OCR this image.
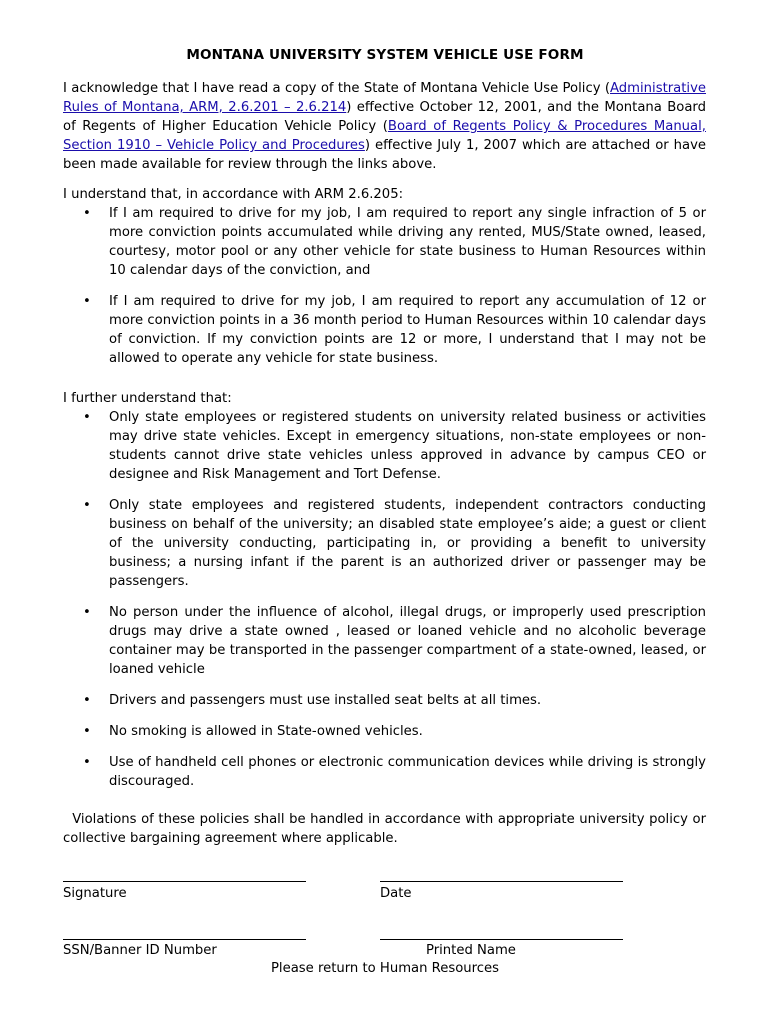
MONTANA UNIVERSITY SYSTEM VEHICLE USE FORM
I acknowledge that I have read a copy of the State of Montana Vehicle Use Policy (Administrative Rules of Montana, ARM, 2.6.201 – 2.6.214) effective October 12, 2001, and the Montana Board of Regents of Higher Education Vehicle Policy (Board of Regents Policy & Procedures Manual, Section 1910 – Vehicle Policy and Procedures) effective July 1, 2007 which are attached or have been made available for review through the links above.
I understand that, in accordance with ARM 2.6.205:
• If I am required to drive for my job, I am required to report any single infraction of 5 or more conviction points accumulated while driving any rented, MUS/State owned, leased, courtesy, motor pool or any other vehicle for state business to Human Resources within 10 calendar days of the conviction, and
• If I am required to drive for my job, I am required to report any accumulation of 12 or more conviction points in a 36 month period to Human Resources within 10 calendar days of conviction. If my conviction points are 12 or more, I understand that I may not be allowed to operate any vehicle for state business.
I further understand that:
• Only state employees or registered students on university related business or activities may drive state vehicles. Except in emergency situations, non-state employees or non-students cannot drive state vehicles unless approved in advance by campus CEO or designee and Risk Management and Tort Defense.
• Only state employees and registered students, independent contractors conducting business on behalf of the university; an disabled state employee’s aide; a guest or client of the university conducting, participating in, or providing a benefit to university business; a nursing infant if the parent is an authorized driver or passenger may be passengers.
• No person under the influence of alcohol, illegal drugs, or improperly used prescription drugs may drive a state owned , leased or loaned vehicle and no alcoholic beverage container may be transported in the passenger compartment of a state-owned, leased, or loaned vehicle
• Drivers and passengers must use installed seat belts at all times.
• No smoking is allowed in State-owned vehicles.
• Use of handheld cell phones or electronic communication devices while driving is strongly discouraged.
Violations of these policies shall be handled in accordance with appropriate university policy or collective bargaining agreement where applicable.
Signature	Date
SSN/Banner ID Number	Printed Name
Please return to Human Resources
